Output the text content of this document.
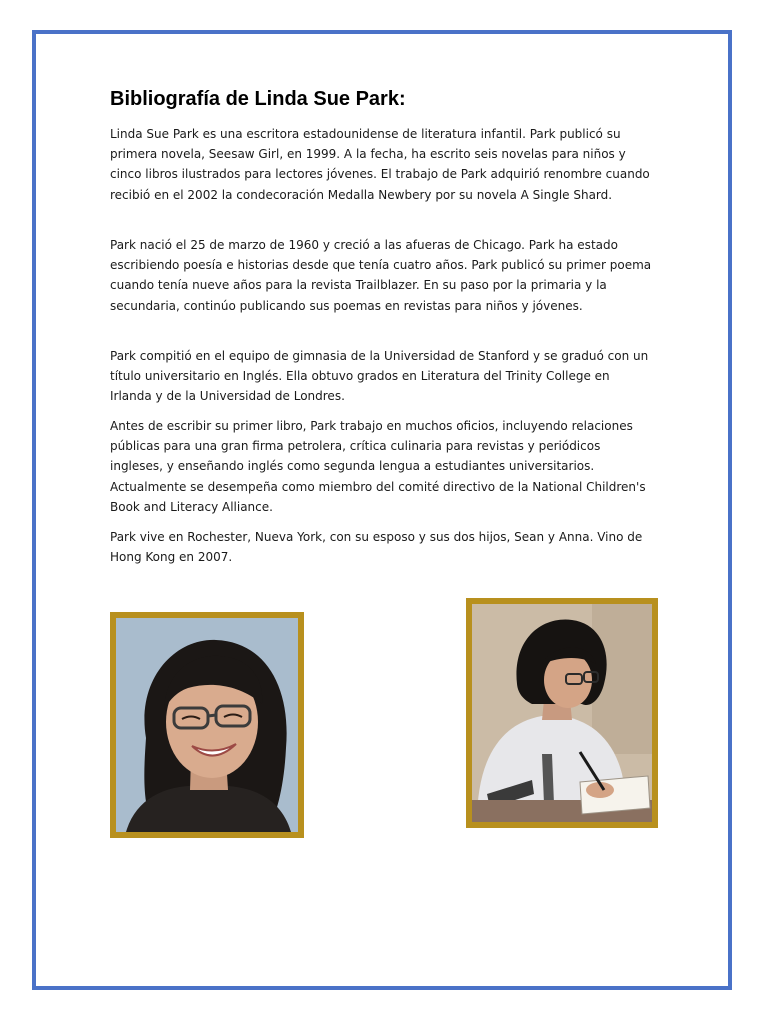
Bibliografía de Linda Sue Park:

Linda Sue Park es una escritora estadounidense de literatura infantil. Park publicó su primera novela, Seesaw Girl, en 1999. A la fecha, ha escrito seis novelas para niños y cinco libros ilustrados para lectores jóvenes. El trabajo de Park adquirió renombre cuando recibió en el 2002 la condecoración Medalla Newbery por su novela A Single Shard.

Park nació el 25 de marzo de 1960 y creció a las afueras de Chicago. Park ha estado escribiendo poesía e historias desde que tenía cuatro años. Park publicó su primer poema cuando tenía nueve años para la revista Trailblazer. En su paso por la primaria y la secundaria, continúo publicando sus poemas en revistas para niños y jóvenes.

Park compitió en el equipo de gimnasia de la Universidad de Stanford y se graduó con un título universitario en Inglés. Ella obtuvo grados en Literatura del Trinity College en Irlanda y de la Universidad de Londres.

Antes de escribir su primer libro, Park trabajo en muchos oficios, incluyendo relaciones públicas para una gran firma petrolera, crítica culinaria para revistas y periódicos ingleses, y enseñando inglés como segunda lengua a estudiantes universitarios. Actualmente se desempeña como miembro del comité directivo de la National Children's Book and Literacy Alliance.

Park vive en Rochester, Nueva York, con su esposo y sus dos hijos, Sean y Anna. Vino de Hong Kong en 2007.
